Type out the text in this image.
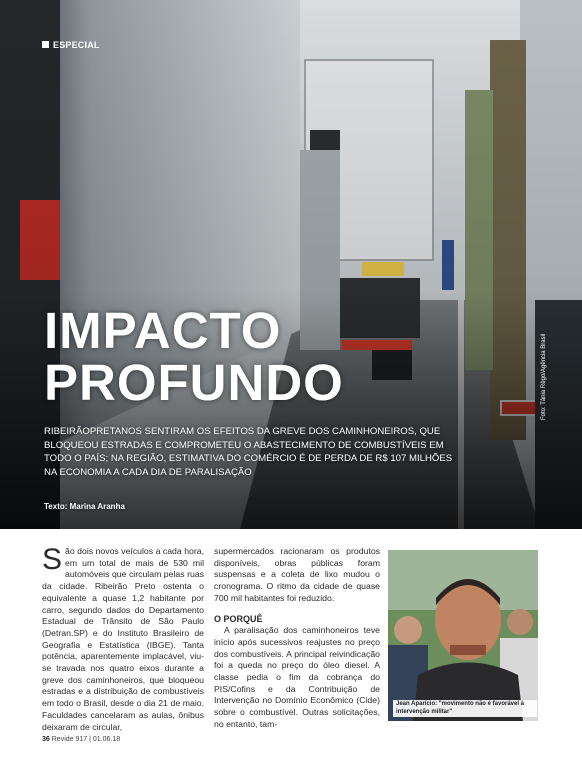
ESPECIAL
IMPACTO
PROFUNDO

RIBEIRÃOPRETANOS SENTIRAM OS EFEITOS DA GREVE DOS CAMINHONEIROS, QUE BLOQUEOU ESTRADAS E COMPROMETEU O ABASTECIMENTO DE COMBUSTÍVEIS EM TODO O PAÍS; NA REGIÃO, ESTIMATIVA DO COMÉRCIO É DE PERDA DE R$ 107 MILHÕES NA ECONOMIA A CADA DIA DE PARALISAÇÃO

Texto: Marina Aranha
Foto: Tânia Rêgo/Agência Brasil

São dois novos veículos a cada hora, em um total de mais de 530 mil automóveis que circulam pelas ruas da cidade. Ribeirão Preto ostenta o equivalente a quase 1,2 habitante por carro, segundo dados do Departamento Estadual de Trânsito de São Paulo (Detran.SP) e do Instituto Brasileiro de Geografia e Estatística (IBGE). Tanta potência, aparentemente implacável, viu-se travada nos quatro eixos durante a greve dos caminhoneiros, que bloqueou estradas e a distribuição de combustíveis em todo o Brasil, desde o dia 21 de maio. Faculdades cancelaram as aulas, ônibus deixaram de circular,

supermercados racionaram os produtos disponíveis, obras públicas foram suspensas e a coleta de lixo mudou o cronograma. O ritmo da cidade de quase 700 mil habitantes foi reduzido.

O PORQUÊ

A paralisação dos caminhoneiros teve início após sucessivos reajustes no preço dos combustíveis. A principal reivindicação foi a queda no preço do óleo diesel. A classe pedia o fim da cobrança do PIS/Cofins e da Contribuição de Intervenção no Domínio Econômico (Cide) sobre o combustível. Outras solicitações, no entanto, tam-

Jean Aparício: "movimento não é favorável à intervenção militar"
36 Revide 917 | 01.06.18
